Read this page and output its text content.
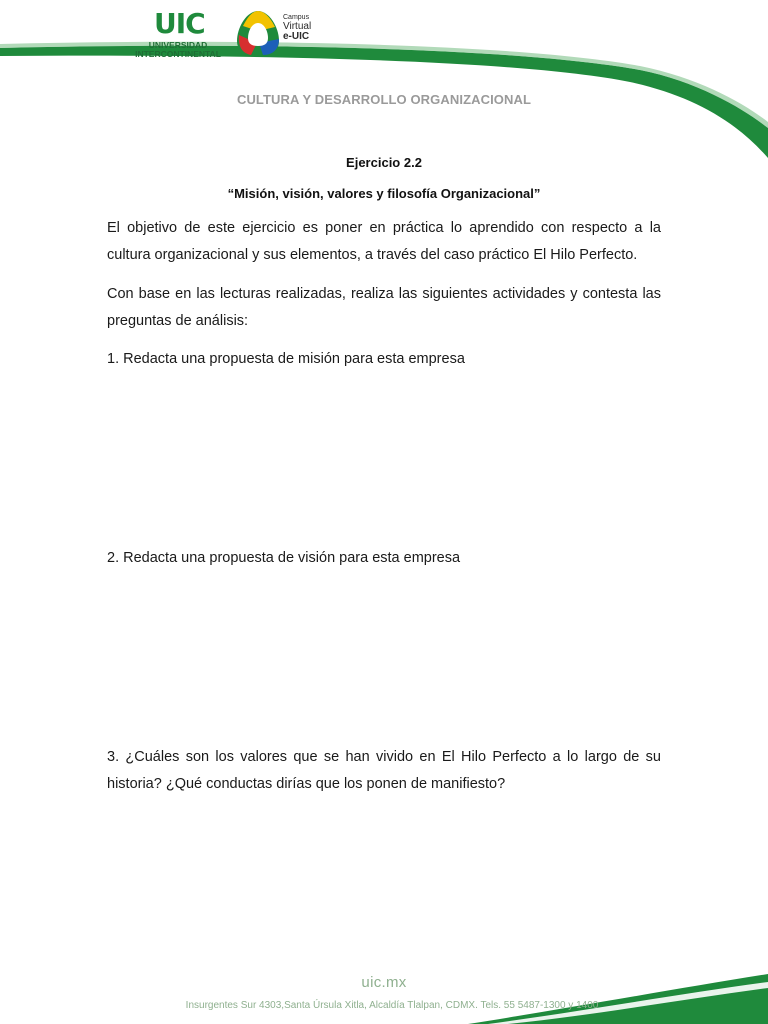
UIC
UNIVERSIDAD
INTERCONTINENTAL
Campus
Virtual
e-UIC
CULTURA Y DESARROLLO ORGANIZACIONAL
Ejercicio 2.2
“Misión, visión, valores y filosofía Organizacional”
El objetivo de este ejercicio es poner en práctica lo aprendido con respecto a la cultura organizacional y sus elementos, a través del caso práctico El Hilo Perfecto.
Con base en las lecturas realizadas, realiza las siguientes actividades y contesta las preguntas de análisis:
1. Redacta una propuesta de misión para esta empresa
2. Redacta una propuesta de visión para esta empresa
3. ¿Cuáles son los valores que se han vivido en El Hilo Perfecto a lo largo de su historia? ¿Qué conductas dirías que los ponen de manifiesto?
uic.mx
Insurgentes Sur 4303,Santa Úrsula Xitla, Alcaldía Tlalpan, CDMX. Tels. 55 5487-1300 y 1400
